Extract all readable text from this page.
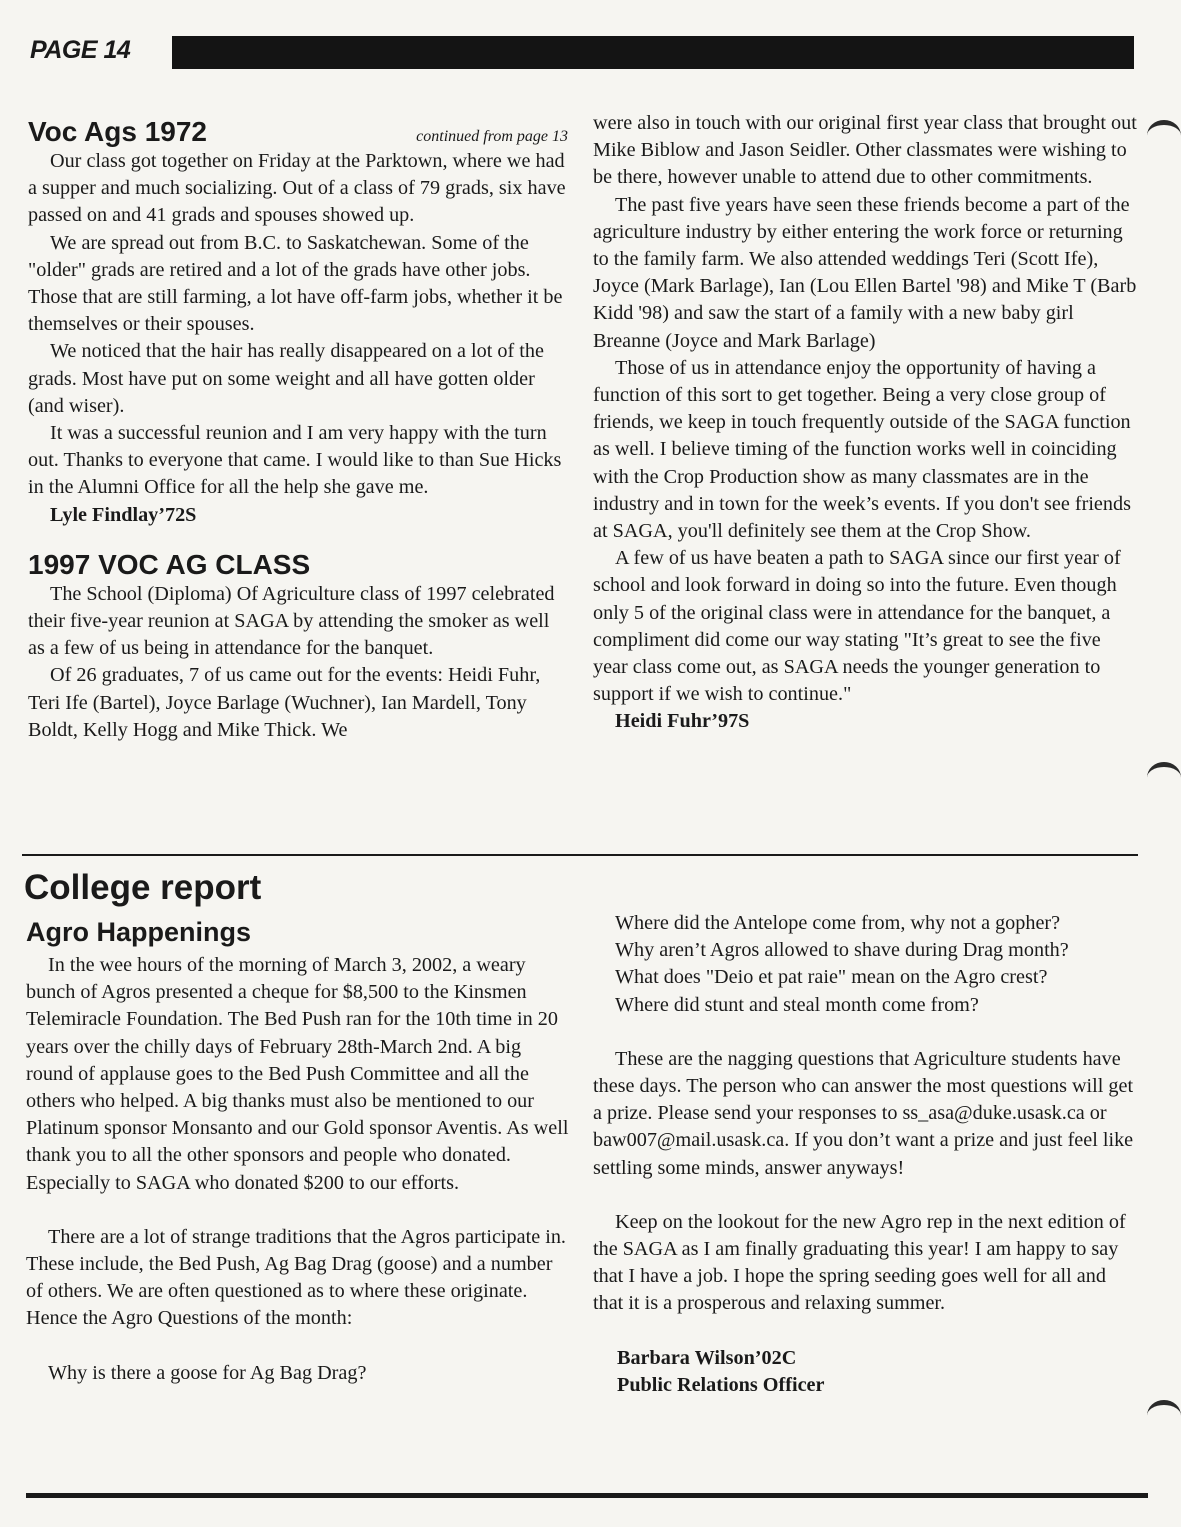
PAGE 14
Voc Ags 1972	continued from page 13

Our class got together on Friday at the Parktown, where we had a supper and much socializing. Out of a class of 79 grads, six have passed on and 41 grads and spouses showed up.

We are spread out from B.C. to Saskatchewan. Some of the "older" grads are retired and a lot of the grads have other jobs. Those that are still farming, a lot have off-farm jobs, whether it be themselves or their spouses.

We noticed that the hair has really disappeared on a lot of the grads. Most have put on some weight and all have gotten older (and wiser).

It was a successful reunion and I am very happy with the turn out. Thanks to everyone that came. I would like to than Sue Hicks in the Alumni Office for all the help she gave me.

Lyle Findlay’72S

1997 VOC AG CLASS

The School (Diploma) Of Agriculture class of 1997 celebrated their five-year reunion at SAGA by attending the smoker as well as a few of us being in attendance for the banquet.

Of 26 graduates, 7 of us came out for the events: Heidi Fuhr, Teri Ife (Bartel), Joyce Barlage (Wuchner), Ian Mardell, Tony Boldt, Kelly Hogg and Mike Thick. We

were also in touch with our original first year class that brought out Mike Biblow and Jason Seidler. Other classmates were wishing to be there, however unable to attend due to other commitments.

The past five years have seen these friends become a part of the agriculture industry by either entering the work force or returning to the family farm. We also attended weddings Teri (Scott Ife), Joyce (Mark Barlage), Ian (Lou Ellen Bartel '98) and Mike T (Barb Kidd '98) and saw the start of a family with a new baby girl Breanne (Joyce and Mark Barlage)

Those of us in attendance enjoy the opportunity of having a function of this sort to get together. Being a very close group of friends, we keep in touch frequently outside of the SAGA function as well. I believe timing of the function works well in coinciding with the Crop Production show as many classmates are in the industry and in town for the week’s events. If you don't see friends at SAGA, you'll definitely see them at the Crop Show.

A few of us have beaten a path to SAGA since our first year of school and look forward in doing so into the future. Even though only 5 of the original class were in attendance for the banquet, a compliment did come our way stating "It’s great to see the five year class come out, as SAGA needs the younger generation to support if we wish to continue."

Heidi Fuhr’97S

College report
Agro Happenings

In the wee hours of the morning of March 3, 2002, a weary bunch of Agros presented a cheque for $8,500 to the Kinsmen Telemiracle Foundation. The Bed Push ran for the 10th time in 20 years over the chilly days of February 28th-March 2nd. A big round of applause goes to the Bed Push Committee and all the others who helped. A big thanks must also be mentioned to our Platinum sponsor Monsanto and our Gold sponsor Aventis. As well thank you to all the other sponsors and people who donated. Especially to SAGA who donated $200 to our efforts.

There are a lot of strange traditions that the Agros participate in. These include, the Bed Push, Ag Bag Drag (goose) and a number of others. We are often questioned as to where these originate. Hence the Agro Questions of the month:

Why is there a goose for Ag Bag Drag?

Where did the Antelope come from, why not a gopher?

Why aren’t Agros allowed to shave during Drag month?

What does "Deio et pat raie" mean on the Agro crest?

Where did stunt and steal month come from?

These are the nagging questions that Agriculture students have these days. The person who can answer the most questions will get a prize. Please send your responses to ss_asa@duke.usask.ca or baw007@mail.usask.ca. If you don’t want a prize and just feel like settling some minds, answer anyways!

Keep on the lookout for the new Agro rep in the next edition of the SAGA as I am finally graduating this year! I am happy to say that I have a job. I hope the spring seeding goes well for all and that it is a prosperous and relaxing summer.

Barbara Wilson’02C

Public Relations Officer
